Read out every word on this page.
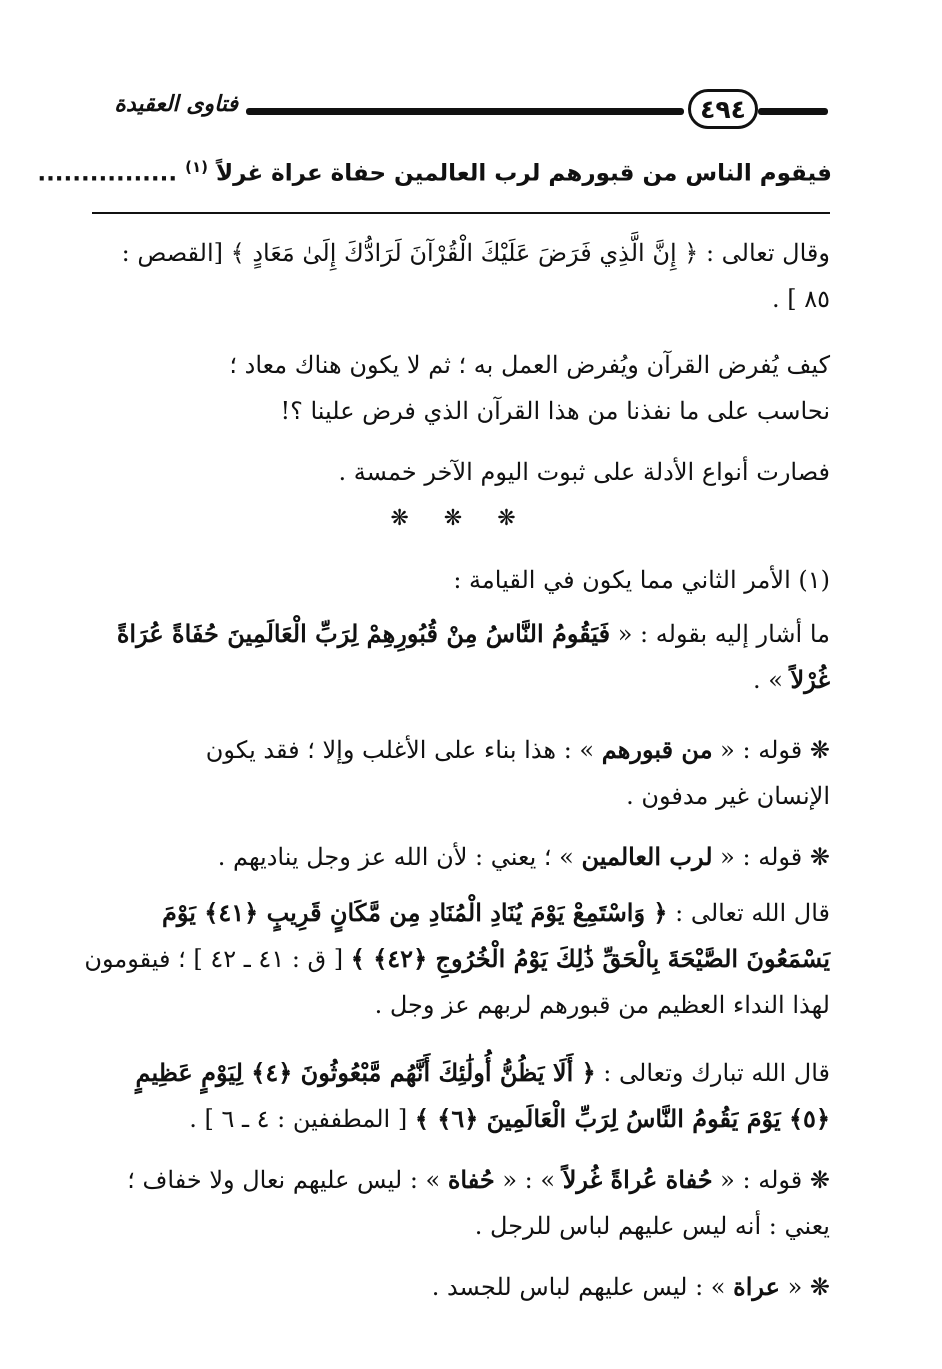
٤٩٤
فتاوى العقيدة
فيقوم الناس من قبورهم لرب العالمين حفاة عراة غرلاً $^{(١)}$ ................
وقال تعالى : ﴿ إِنَّ الَّذِي فَرَضَ عَلَيْكَ الْقُرْآنَ لَرَادُّكَ إِلَىٰ مَعَادٍ ﴾ [القصص :
٨٥ ] .
كيف يُفرض القرآن ويُفرض العمل به ؛ ثم لا يكون هناك معاد ؛
نحاسب على ما نفذنا من هذا القرآن الذي فرض علينا ؟!
فصارت أنواع الأدلة على ثبوت اليوم الآخر خمسة .
❋ ❋ ❋
(١) الأمر الثاني مما يكون في القيامة :
ما أشار إليه بقوله : « فَيَقُومُ النَّاسُ مِنْ قُبُورِهِمْ لِرَبِّ الْعَالَمِينَ حُفَاةً عُرَاةً
غُرْلاً » .
❋ قوله : « من قبورهم » : هذا بناء على الأغلب وإلا ؛ فقد يكون
الإنسان غير مدفون .
❋ قوله : « لرب العالمين » ؛ يعني : لأن الله عز وجل يناديهم .
قال الله تعالى : ﴿ وَاسْتَمِعْ يَوْمَ يُنَادِ الْمُنَادِ مِن مَّكَانٍ قَرِيبٍ ﴿٤١﴾ يَوْمَ
يَسْمَعُونَ الصَّيْحَةَ بِالْحَقِّ ذَٰلِكَ يَوْمُ الْخُرُوجِ ﴿٤٢﴾ ﴾ [ ق : ٤١ ـ ٤٢ ] ؛ فيقومون
لهذا النداء العظيم من قبورهم لربهم عز وجل .
قال الله تبارك وتعالى : ﴿ أَلَا يَظُنُّ أُولَٰئِكَ أَنَّهُم مَّبْعُوثُونَ ﴿٤﴾ لِيَوْمٍ عَظِيمٍ
﴿٥﴾ يَوْمَ يَقُومُ النَّاسُ لِرَبِّ الْعَالَمِينَ ﴿٦﴾ ﴾ [ المطففين : ٤ ـ ٦ ] .
❋ قوله : « حُفاة عُراةً غُرلاً » : « حُفاة » : ليس عليهم نعال ولا خفاف ؛
يعني : أنه ليس عليهم لباس للرجل .
❋ « عراة » : ليس عليهم لباس للجسد .
